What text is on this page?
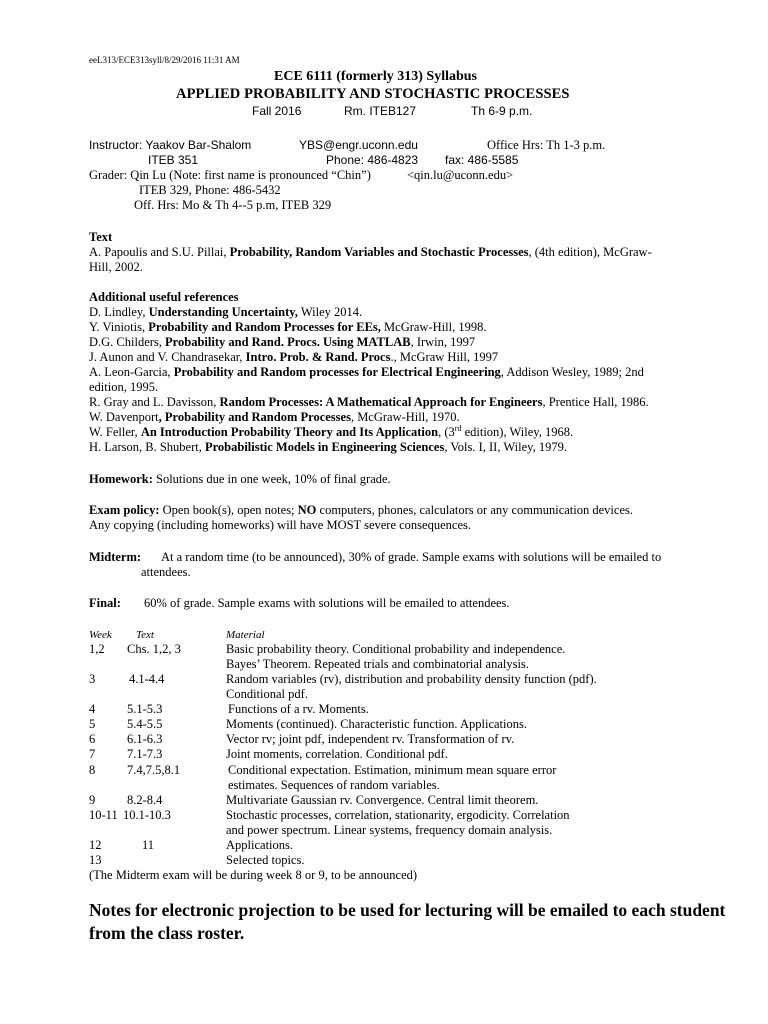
eeL313/ECE313syll/8/29/2016 11:31 AM
ECE 6111 (formerly 313) Syllabus
APPLIED PROBABILITY AND STOCHASTIC PROCESSES
Fall 2016	Rm. ITEB127	Th 6-9 p.m.
Instructor: Yaakov Bar-Shalom	YBS@engr.uconn.edu	Office Hrs: Th 1-3 p.m.
ITEB 351	Phone: 486-4823 fax: 486-5585
Grader: Qin Lu (Note: first name is pronounced “Chin”)	<qin.lu@uconn.edu>
ITEB 329, Phone: 486-5432
Off. Hrs: Mo & Th 4--5 p.m, ITEB 329
Text
A. Papoulis and S.U. Pillai, Probability, Random Variables and Stochastic Processes, (4th edition), McGraw-
Hill, 2002.
Additional useful references
D. Lindley, Understanding Uncertainty, Wiley 2014.
Y. Viniotis, Probability and Random Processes for EEs, McGraw-Hill, 1998.
D.G. Childers, Probability and Rand. Procs. Using MATLAB, Irwin, 1997
J. Aunon and V. Chandrasekar, Intro. Prob. & Rand. Procs., McGraw Hill, 1997
A. Leon-Garcia, Probability and Random processes for Electrical Engineering, Addison Wesley, 1989; 2nd
edition, 1995.
R. Gray and L. Davisson, Random Processes: A Mathematical Approach for Engineers, Prentice Hall, 1986.
W. Davenport, Probability and Random Processes, McGraw-Hill, 1970.
W. Feller, An Introduction Probability Theory and Its Application, (3rd edition), Wiley, 1968.
H. Larson, B. Shubert, Probabilistic Models in Engineering Sciences, Vols. I, II, Wiley, 1979.
Homework: Solutions due in one week, 10% of final grade.
Exam policy: Open book(s), open notes; NO computers, phones, calculators or any communication devices.
Any copying (including homeworks) will have MOST severe consequences.
Midterm: At a random time (to be announced), 30% of grade. Sample exams with solutions will be emailed to
attendees.
Final: 60% of grade. Sample exams with solutions will be emailed to attendees.
Week Text	Material
1,2 Chs. 1,2, 3	Basic probability theory. Conditional probability and independence.
Bayes’ Theorem. Repeated trials and combinatorial analysis.
3	4.1-4.4	Random variables (rv), distribution and probability density function (pdf).
Conditional pdf.
4	5.1-5.3	Functions of a rv. Moments.
5	5.4-5.5	Moments (continued). Characteristic function. Applications.
6	6.1-6.3	Vector rv; joint pdf, independent rv. Transformation of rv.
7	7.1-7.3	Joint moments, correlation. Conditional pdf.
8	7.4,7.5,8.1	Conditional expectation. Estimation, minimum mean square error
estimates. Sequences of random variables.
9	8.2-8.4	Multivariate Gaussian rv. Convergence. Central limit theorem.
10-11 10.1-10.3	Stochastic processes, correlation, stationarity, ergodicity. Correlation
and power spectrum. Linear systems, frequency domain analysis.
12	11	Applications.
13	Selected topics.
(The Midterm exam will be during week 8 or 9, to be announced)
Notes for electronic projection to be used for lecturing will be emailed to each student from the class roster.
